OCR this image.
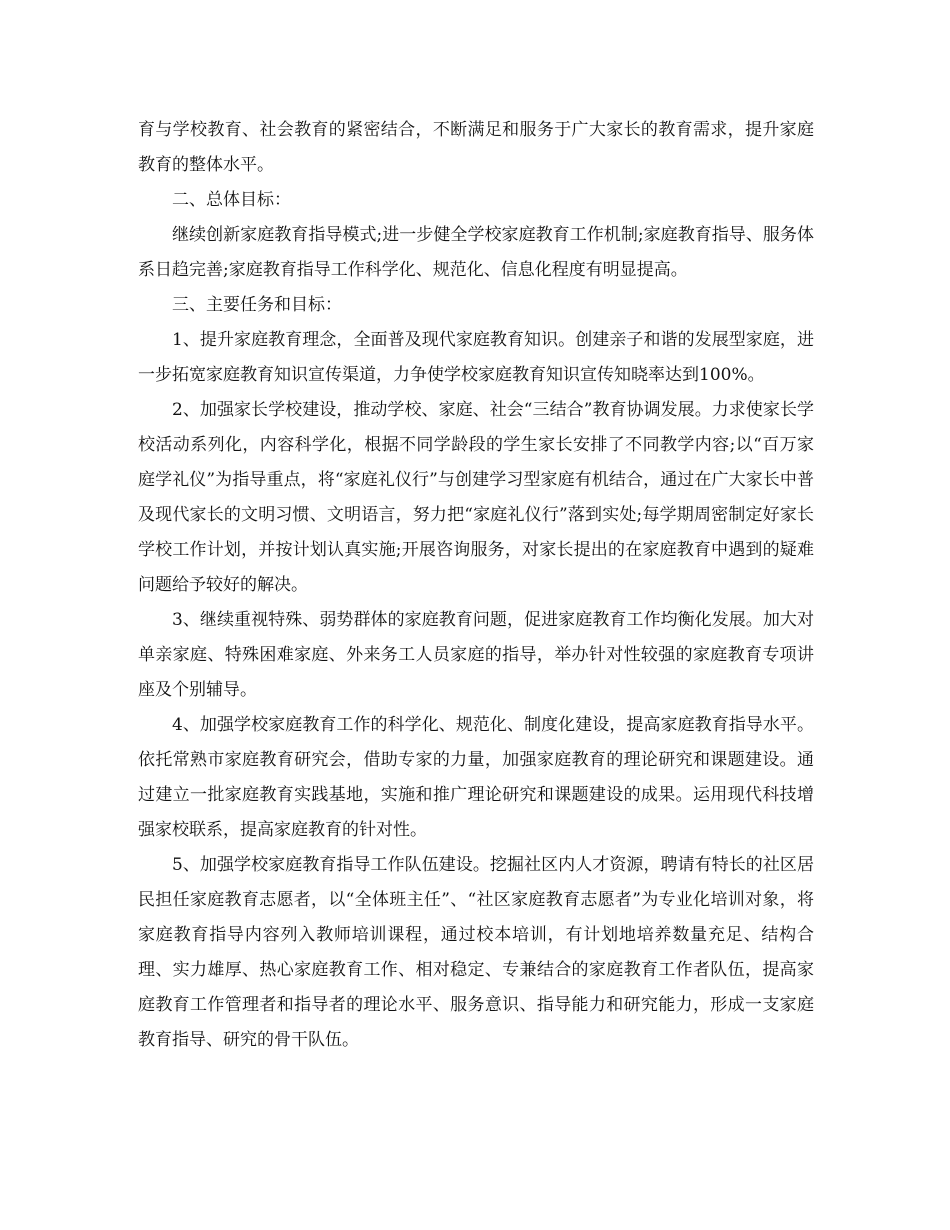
育与学校教育、社会教育的紧密结合，不断满足和服务于广大家长的教育需求，提升家庭教育的整体水平。

二、总体目标：

继续创新家庭教育指导模式;进一步健全学校家庭教育工作机制;家庭教育指导、服务体系日趋完善;家庭教育指导工作科学化、规范化、信息化程度有明显提高。

三、主要任务和目标：

1、提升家庭教育理念，全面普及现代家庭教育知识。创建亲子和谐的发展型家庭，进一步拓宽家庭教育知识宣传渠道，力争使学校家庭教育知识宣传知晓率达到100%。

2、加强家长学校建设，推动学校、家庭、社会“三结合”教育协调发展。力求使家长学校活动系列化，内容科学化，根据不同学龄段的学生家长安排了不同教学内容;以“百万家庭学礼仪”为指导重点，将“家庭礼仪行”与创建学习型家庭有机结合，通过在广大家长中普及现代家长的文明习惯、文明语言，努力把“家庭礼仪行”落到实处;每学期周密制定好家长学校工作计划，并按计划认真实施;开展咨询服务，对家长提出的在家庭教育中遇到的疑难问题给予较好的解决。

3、继续重视特殊、弱势群体的家庭教育问题，促进家庭教育工作均衡化发展。加大对单亲家庭、特殊困难家庭、外来务工人员家庭的指导，举办针对性较强的家庭教育专项讲座及个别辅导。

4、加强学校家庭教育工作的科学化、规范化、制度化建设，提高家庭教育指导水平。依托常熟市家庭教育研究会，借助专家的力量，加强家庭教育的理论研究和课题建设。通过建立一批家庭教育实践基地，实施和推广理论研究和课题建设的成果。运用现代科技增强家校联系，提高家庭教育的针对性。

5、加强学校家庭教育指导工作队伍建设。挖掘社区内人才资源，聘请有特长的社区居民担任家庭教育志愿者，以“全体班主任”、“社区家庭教育志愿者”为专业化培训对象，将家庭教育指导内容列入教师培训课程，通过校本培训，有计划地培养数量充足、结构合理、实力雄厚、热心家庭教育工作、相对稳定、专兼结合的家庭教育工作者队伍，提高家庭教育工作管理者和指导者的理论水平、服务意识、指导能力和研究能力，形成一支家庭教育指导、研究的骨干队伍。
